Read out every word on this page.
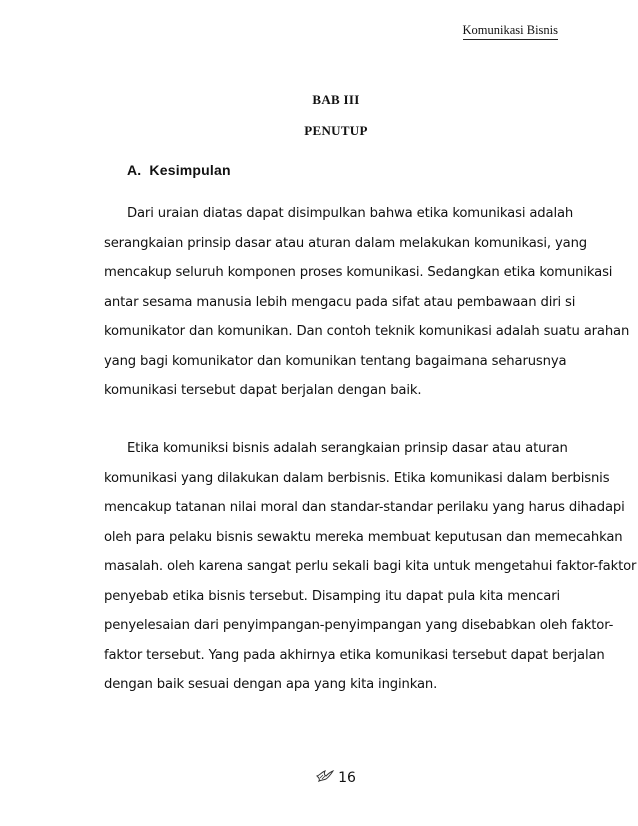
Komunikasi Bisnis
BAB III
PENUTUP
A. Kesimpulan
Dari uraian diatas dapat disimpulkan bahwa etika komunikasi adalah
serangkaian prinsip dasar atau aturan dalam melakukan komunikasi, yang
mencakup seluruh komponen proses komunikasi. Sedangkan etika komunikasi
antar sesama manusia lebih mengacu pada sifat atau pembawaan diri si
komunikator dan komunikan. Dan contoh teknik komunikasi adalah suatu arahan
yang bagi komunikator dan komunikan tentang bagaimana seharusnya
komunikasi tersebut dapat berjalan dengan baik.
Etika komuniksi bisnis adalah serangkaian prinsip dasar atau aturan
komunikasi yang dilakukan dalam berbisnis. Etika komunikasi dalam berbisnis
mencakup tatanan nilai moral dan standar-standar perilaku yang harus dihadapi
oleh para pelaku bisnis sewaktu mereka membuat keputusan dan memecahkan
masalah. oleh karena sangat perlu sekali bagi kita untuk mengetahui faktor-faktor
penyebab etika bisnis tersebut. Disamping itu dapat pula kita mencari
penyelesaian dari penyimpangan-penyimpangan yang disebabkan oleh faktor-
faktor tersebut. Yang pada akhirnya etika komunikasi tersebut dapat berjalan
dengan baik sesuai dengan apa yang kita inginkan.
16
